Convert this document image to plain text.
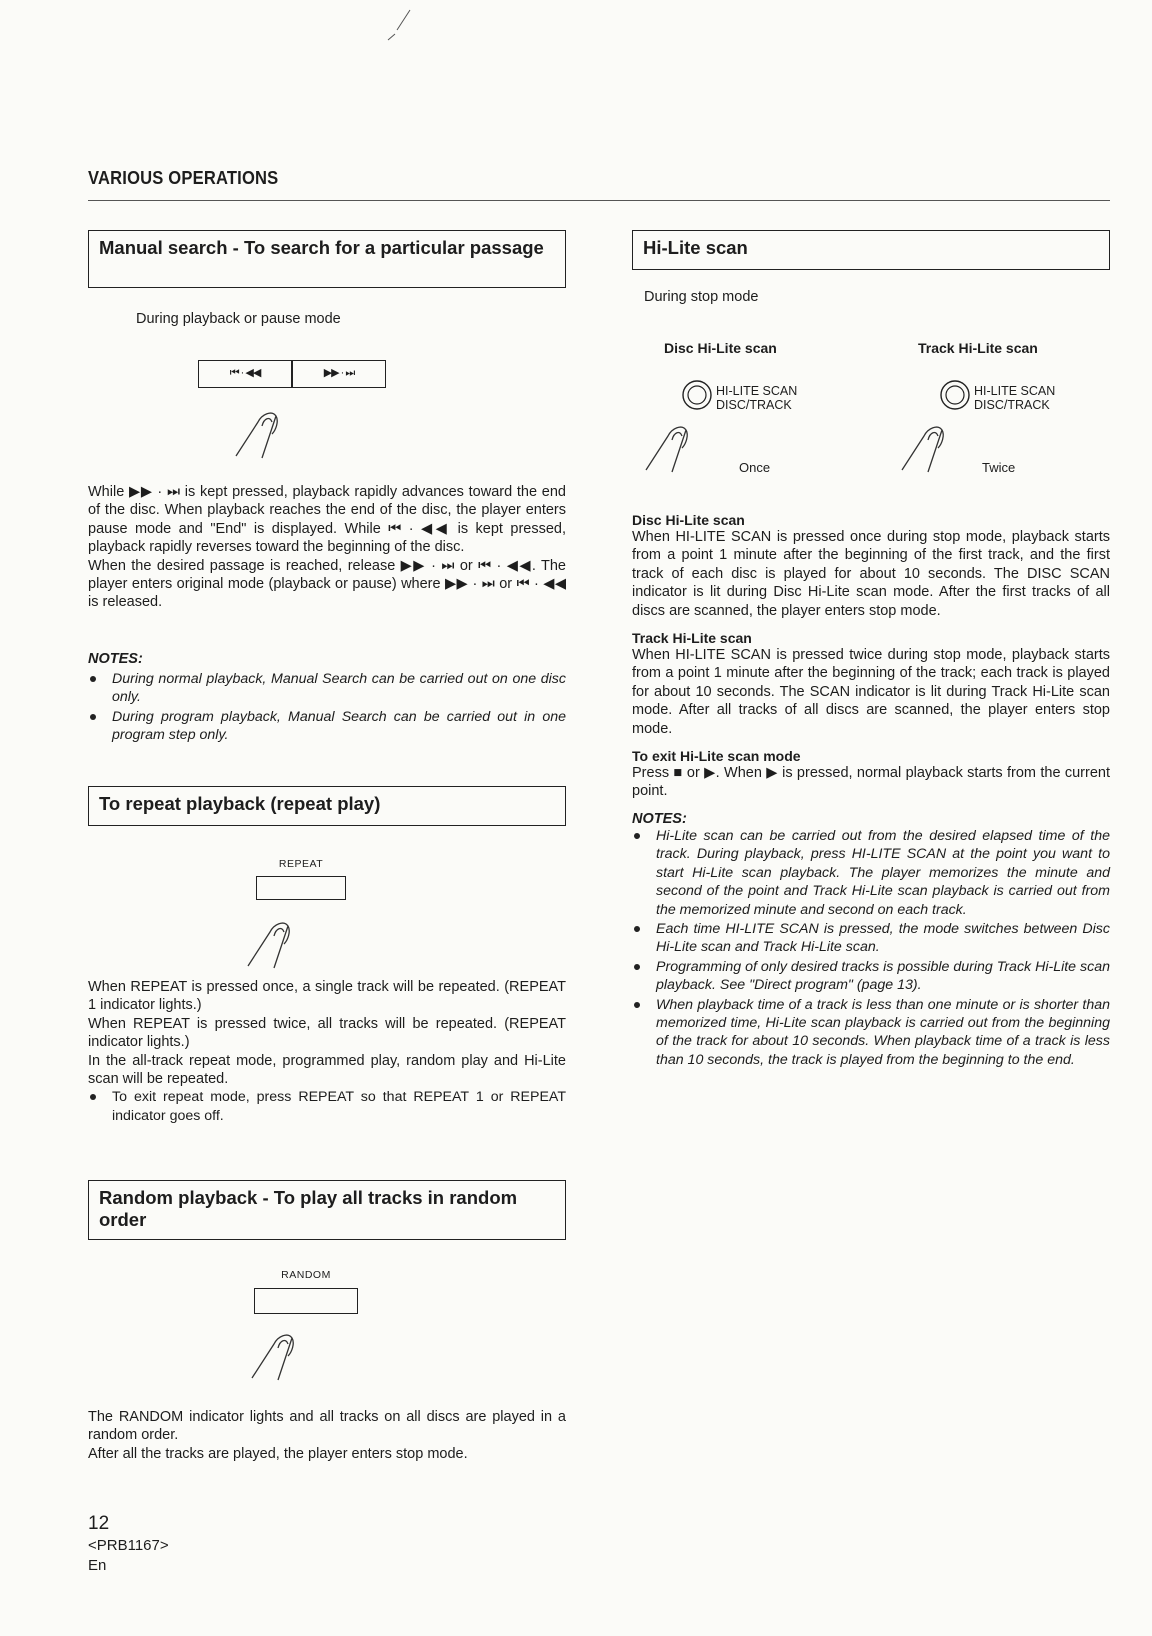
VARIOUS OPERATIONS
Manual search - To search for a particular passage
During playback or pause mode
⏮ · ◀◀	▶▶ · ⏭
While ▶▶ · ⏭ is kept pressed, playback rapidly advances toward the end of the disc. When playback reaches the end of the disc, the player enters pause mode and "End" is displayed. While ⏮ · ◀◀ is kept pressed, playback rapidly reverses toward the beginning of the disc.
When the desired passage is reached, release ▶▶ · ⏭ or ⏮ · ◀◀. The player enters original mode (playback or pause) where ▶▶ · ⏭ or ⏮ · ◀◀ is released.
NOTES:
During normal playback, Manual Search can be carried out on one disc only.
During program playback, Manual Search can be carried out in one program step only.
To repeat playback (repeat play)
REPEAT
When REPEAT is pressed once, a single track will be repeated. (REPEAT 1 indicator lights.)
When REPEAT is pressed twice, all tracks will be repeated. (REPEAT indicator lights.)
In the all-track repeat mode, programmed play, random play and Hi-Lite scan will be repeated.
To exit repeat mode, press REPEAT so that REPEAT 1 or REPEAT indicator goes off.
Random playback - To play all tracks in random order
RANDOM
The RANDOM indicator lights and all tracks on all discs are played in a random order.
After all the tracks are played, the player enters stop mode.
12
<PRB1167>
En
Hi-Lite scan
During stop mode
Disc Hi-Lite scan	Track Hi-Lite scan
HI-LITE SCAN
DISC/TRACK
Once
HI-LITE SCAN
DISC/TRACK
Twice
Disc Hi-Lite scan
When HI-LITE SCAN is pressed once during stop mode, playback starts from a point 1 minute after the beginning of the first track, and the first track of each disc is played for about 10 seconds. The DISC SCAN indicator is lit during Disc Hi-Lite scan mode. After the first tracks of all discs are scanned, the player enters stop mode.
Track Hi-Lite scan
When HI-LITE SCAN is pressed twice during stop mode, playback starts from a point 1 minute after the beginning of the track; each track is played for about 10 seconds. The SCAN indicator is lit during Track Hi-Lite scan mode. After all tracks of all discs are scanned, the player enters stop mode.
To exit Hi-Lite scan mode
Press ■ or ▶. When ▶ is pressed, normal playback starts from the current point.
NOTES:
Hi-Lite scan can be carried out from the desired elapsed time of the track. During playback, press HI-LITE SCAN at the point you want to start Hi-Lite scan playback. The player memorizes the minute and second of the point and Track Hi-Lite scan playback is carried out from the memorized minute and second on each track.
Each time HI-LITE SCAN is pressed, the mode switches between Disc Hi-Lite scan and Track Hi-Lite scan.
Programming of only desired tracks is possible during Track Hi-Lite scan playback. See "Direct program" (page 13).
When playback time of a track is less than one minute or is shorter than memorized time, Hi-Lite scan playback is carried out from the beginning of the track for about 10 seconds. When playback time of a track is less than 10 seconds, the track is played from the beginning to the end.
